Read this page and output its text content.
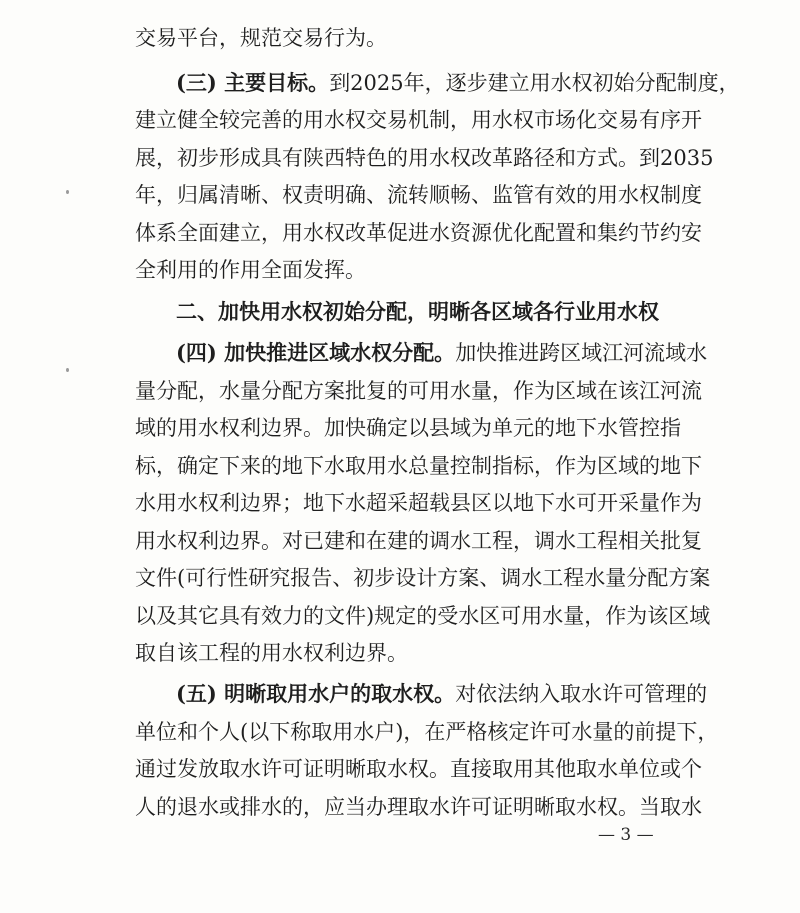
交易平台，规范交易行为。
(三) 主要目标。到2025年，逐步建立用水权初始分配制度，
建立健全较完善的用水权交易机制，用水权市场化交易有序开
展，初步形成具有陕西特色的用水权改革路径和方式。到2035
年，归属清晰、权责明确、流转顺畅、监管有效的用水权制度
体系全面建立，用水权改革促进水资源优化配置和集约节约安
全利用的作用全面发挥。
二、加快用水权初始分配，明晰各区域各行业用水权
(四) 加快推进区域水权分配。加快推进跨区域江河流域水
量分配，水量分配方案批复的可用水量，作为区域在该江河流
域的用水权利边界。加快确定以县域为单元的地下水管控指
标，确定下来的地下水取用水总量控制指标，作为区域的地下
水用水权利边界；地下水超采超载县区以地下水可开采量作为
用水权利边界。对已建和在建的调水工程，调水工程相关批复
文件(可行性研究报告、初步设计方案、调水工程水量分配方案
以及其它具有效力的文件)规定的受水区可用水量，作为该区域
取自该工程的用水权利边界。
(五) 明晰取用水户的取水权。对依法纳入取水许可管理的
单位和个人(以下称取用水户)，在严格核定许可水量的前提下，
通过发放取水许可证明晰取水权。直接取用其他取水单位或个
人的退水或排水的，应当办理取水许可证明晰取水权。当取水
— 3 —
